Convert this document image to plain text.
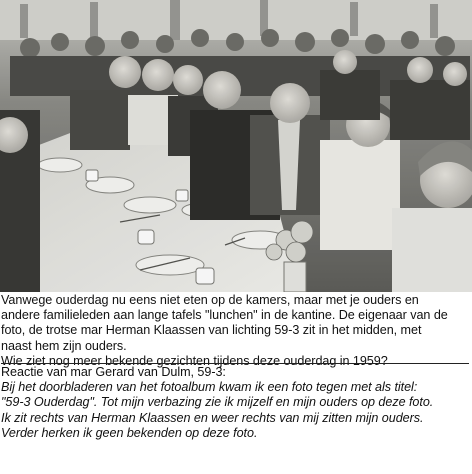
Vanwege ouderdag nu eens niet eten op de kamers, maar met je ouders en

andere familieleden aan lange tafels "lunchen" in de kantine. De eigenaar van de

foto, de trotse mar Herman Klaassen van lichting 59-3 zit in het midden, met

naast hem zijn ouders.

Wie ziet nog meer bekende gezichten tijdens deze ouderdag in 1959?

Reactie van mar Gerard van Dulm, 59-3:

Bij het doorbladeren van het fotoalbum kwam ik een foto tegen met als titel:

"59-3 Ouderdag". Tot mijn verbazing zie ik mijzelf en mijn ouders op deze foto.

Ik zit rechts van Herman Klaassen en weer rechts van mij zitten mijn ouders.

Verder herken ik geen bekenden op deze foto.
